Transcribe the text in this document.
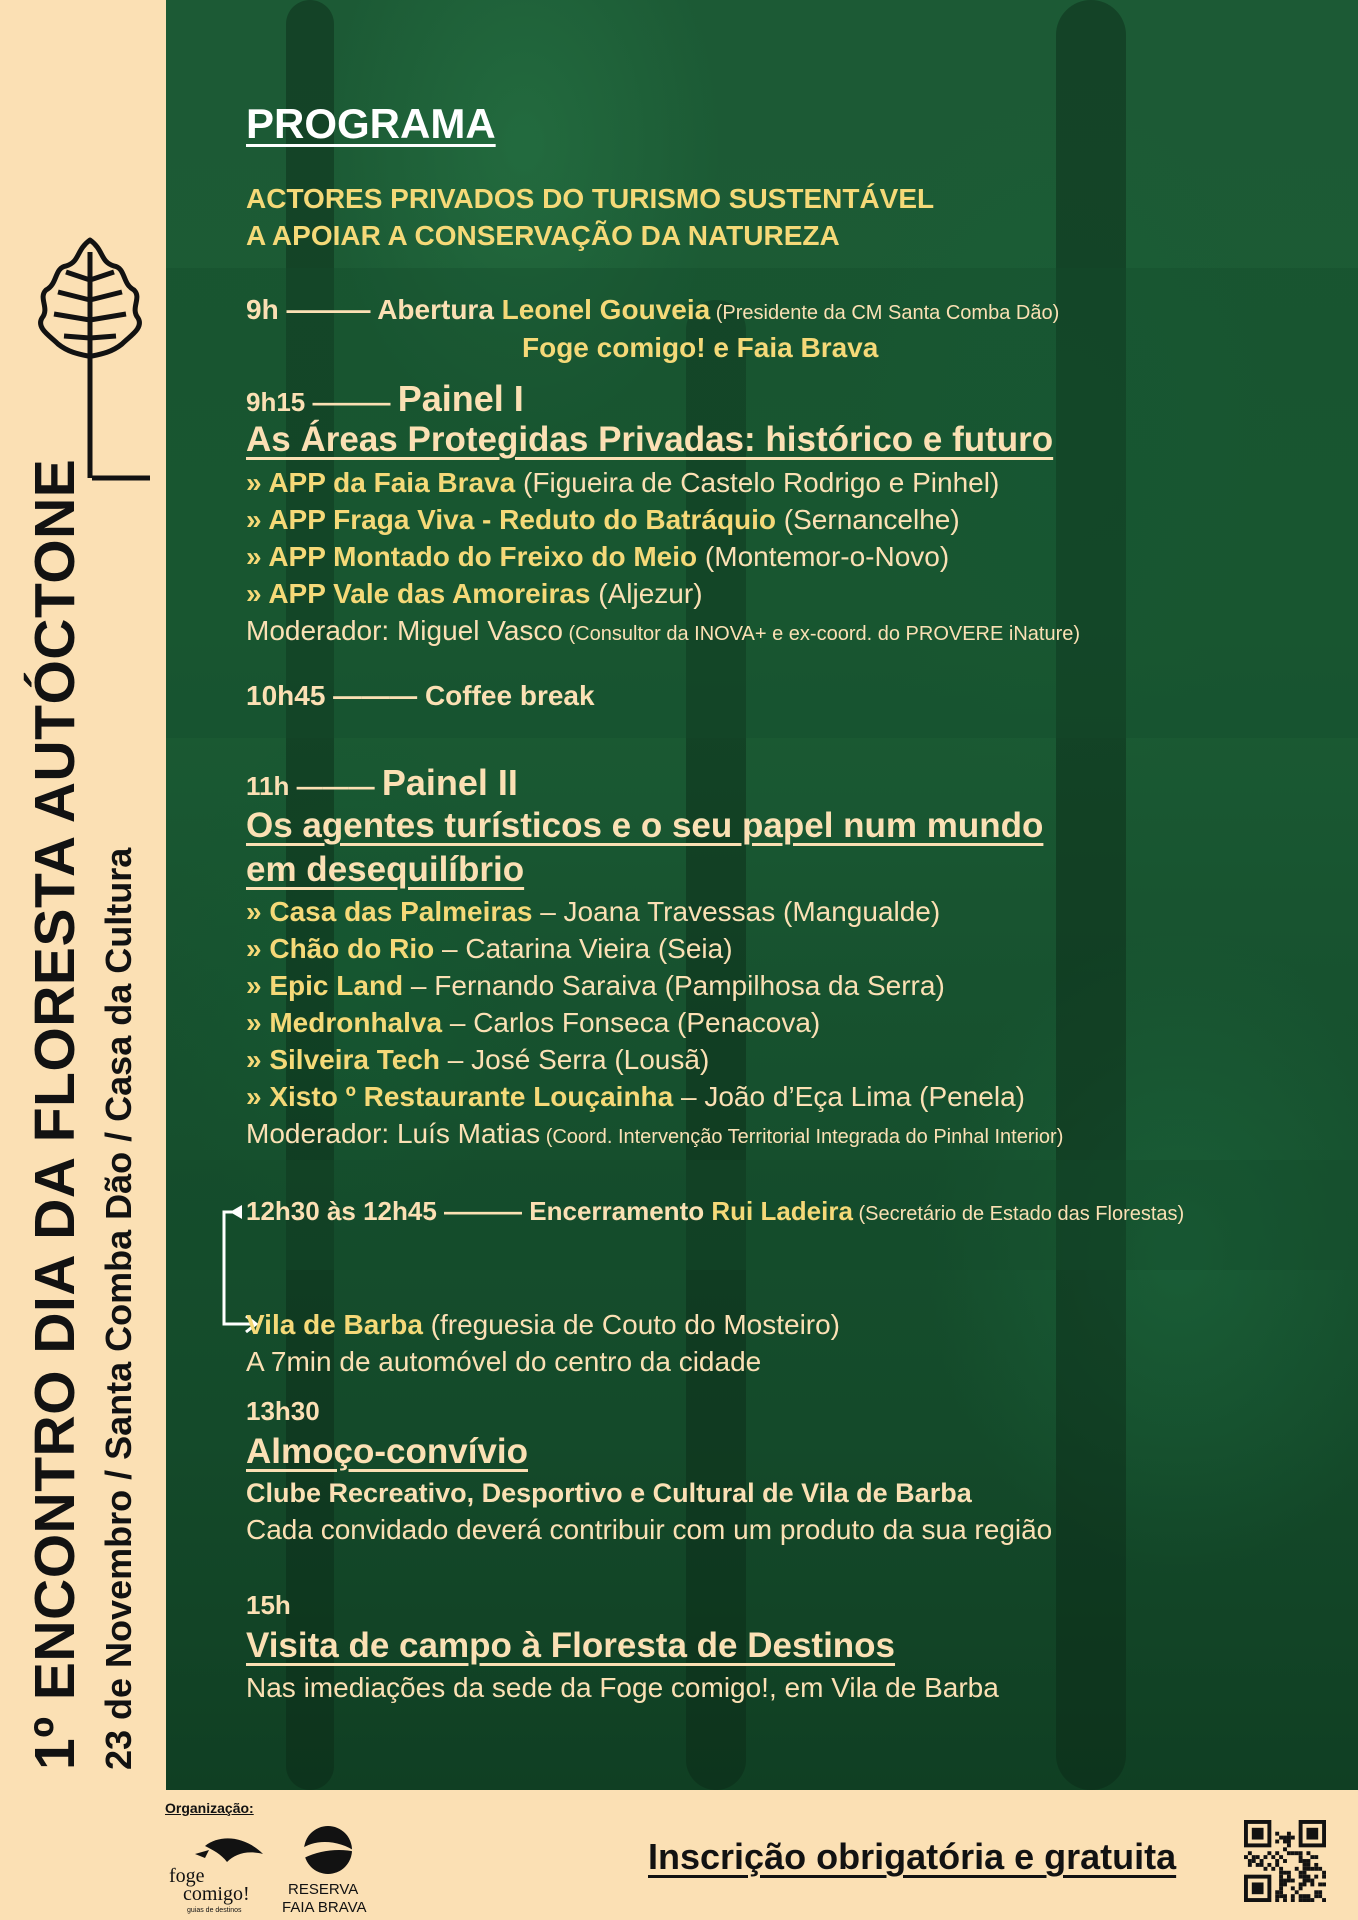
1º ENCONTRO DIA DA FLORESTA AUTÓCTONE 23 de Novembro / Santa Comba Dão / Casa da Cultura
PROGRAMA
ACTORES PRIVADOS DO TURISMO SUSTENTÁVEL
A APOIAR A CONSERVAÇÃO DA NATUREZA
9h ——— Abertura Leonel Gouveia (Presidente da CM Santa Comba Dão)
Foge comigo! e Faia Brava
9h15 ——— Painel I
As Áreas Protegidas Privadas: histórico e futuro
» APP da Faia Brava (Figueira de Castelo Rodrigo e Pinhel)
» APP Fraga Viva - Reduto do Batráquio (Sernancelhe)
» APP Montado do Freixo do Meio (Montemor-o-Novo)
» APP Vale das Amoreiras (Aljezur)
Moderador: Miguel Vasco (Consultor da INOVA+ e ex-coord. do PROVERE iNature)
10h45 ——— Coffee break
11h ——— Painel II
Os agentes turísticos e o seu papel num mundo
em desequilíbrio
» Casa das Palmeiras – Joana Travessas (Mangualde)
» Chão do Rio – Catarina Vieira (Seia)
» Epic Land – Fernando Saraiva (Pampilhosa da Serra)
» Medronhalva – Carlos Fonseca (Penacova)
» Silveira Tech – José Serra (Lousã)
» Xisto º Restaurante Louçainha – João d’Eça Lima (Penela)
Moderador: Luís Matias (Coord. Intervenção Territorial Integrada do Pinhal Interior)
12h30 às 12h45 ——— Encerramento Rui Ladeira (Secretário de Estado das Florestas)
Vila de Barba (freguesia de Couto do Mosteiro)
A 7min de automóvel do centro da cidade
13h30
Almoço-convívio
Clube Recreativo, Desportivo e Cultural de Vila de Barba
Cada convidado deverá contribuir com um produto da sua região
15h
Visita de campo à Floresta de Destinos
Nas imediações da sede da Foge comigo!, em Vila de Barba
Organização:
foge
comigo!
guias de destinos
RESERVA
FAIA BRAVA
Inscrição obrigatória e gratuita
